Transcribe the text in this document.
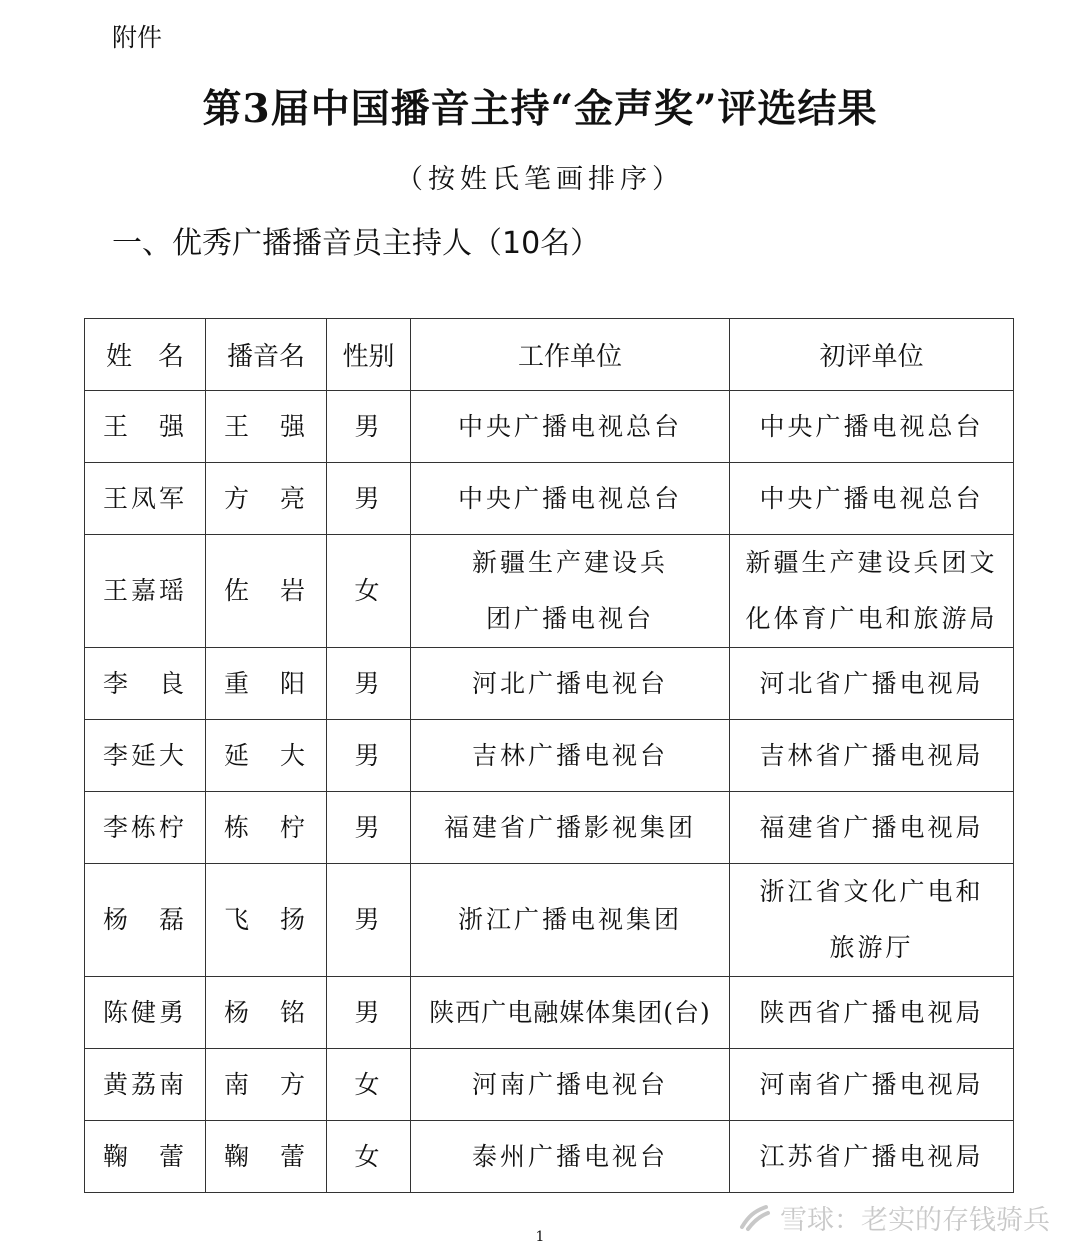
附件
第3届中国播音主持“金声奖”评选结果
（按姓氏笔画排序）
一、优秀广播播音员主持人（10名）
姓　名	播音名	性别	工作单位	初评单位
王　强	王　强	男	中央广播电视总台	中央广播电视总台
王凤军	方　亮	男	中央广播电视总台	中央广播电视总台
王嘉瑶	佐　岩	女	新疆生产建设兵团广播电视台	新疆生产建设兵团文化体育广电和旅游局
李　良	重　阳	男	河北广播电视台	河北省广播电视局
李延大	延　大	男	吉林广播电视台	吉林省广播电视局
李栋柠	栋　柠	男	福建省广播影视集团	福建省广播电视局
杨　磊	飞　扬	男	浙江广播电视集团	浙江省文化广电和旅游厅
陈健勇	杨　铭	男	陕西广电融媒体集团(台)	陕西省广播电视局
黄荔南	南　方	女	河南广播电视台	河南省广播电视局
鞠　蕾	鞠　蕾	女	泰州广播电视台	江苏省广播电视局
雪球：老实的存钱骑兵
1
